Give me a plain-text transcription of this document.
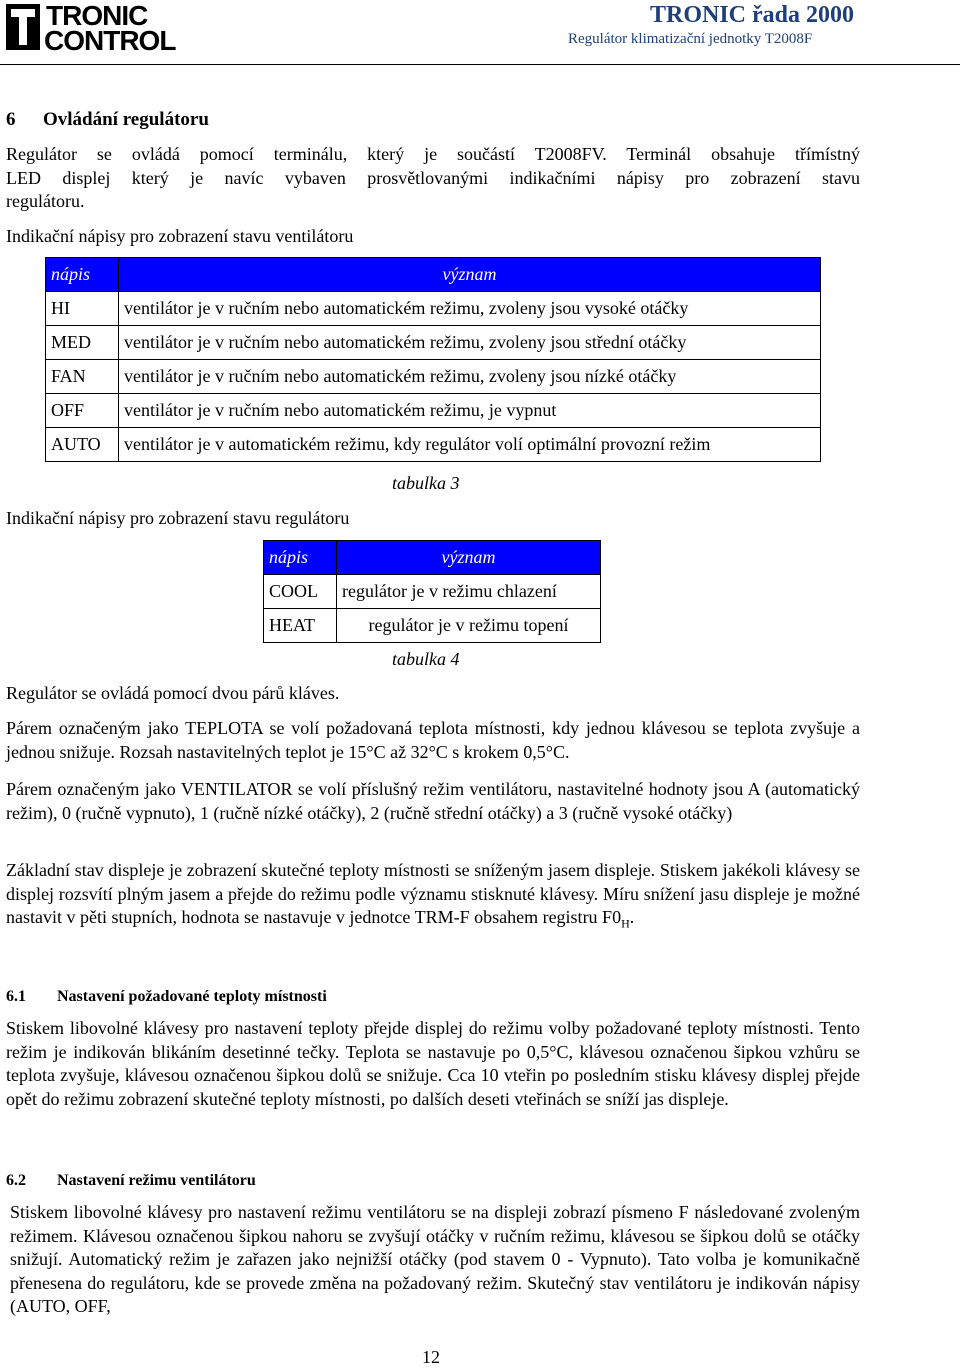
TRONIC
CONTROL
TRONIC řada 2000
Regulátor klimatizační jednotky T2008F
6 Ovládání regulátoru
Regulátor se ovládá pomocí terminálu, který je součástí T2008FV. Terminál obsahuje třímístný
LED displej který je navíc vybaven prosvětlovanými indikačními nápisy pro zobrazení stavu
regulátoru.
Indikační nápisy pro zobrazení stavu ventilátoru
nápis	význam
HI	ventilátor je v ručním nebo automatickém režimu, zvoleny jsou vysoké otáčky
MED	ventilátor je v ručním nebo automatickém režimu, zvoleny jsou střední otáčky
FAN	ventilátor je v ručním nebo automatickém režimu, zvoleny jsou nízké otáčky
OFF	ventilátor je v ručním nebo automatickém režimu, je vypnut
AUTO	ventilátor je v automatickém režimu, kdy regulátor volí optimální provozní režim
tabulka 3
Indikační nápisy pro zobrazení stavu regulátoru
nápis	význam
COOL	regulátor je v režimu chlazení
HEAT	regulátor je v režimu topení
tabulka 4
Regulátor se ovládá pomocí dvou párů kláves.
Párem označeným jako TEPLOTA se volí požadovaná teplota místnosti, kdy jednou klávesou se teplota zvyšuje a jednou snižuje. Rozsah nastavitelných teplot je 15°C až 32°C s krokem 0,5°C.
Párem označeným jako VENTILATOR se volí příslušný režim ventilátoru, nastavitelné hodnoty jsou A (automatický režim), 0 (ručně vypnuto), 1 (ručně nízké otáčky), 2 (ručně střední otáčky) a 3 (ručně vysoké otáčky)
Základní stav displeje je zobrazení skutečné teploty místnosti se sníženým jasem displeje. Stiskem jakékoli klávesy se displej rozsvítí plným jasem a přejde do režimu podle významu stisknuté klávesy. Míru snížení jasu displeje je možné nastavit v pěti stupních, hodnota se nastavuje v jednotce TRM-F obsahem registru $F0_H$.
6.1 Nastavení požadované teploty místnosti
Stiskem libovolné klávesy pro nastavení teploty přejde displej do režimu volby požadované teploty místnosti. Tento režim je indikován blikáním desetinné tečky. Teplota se nastavuje po 0,5°C, klávesou označenou šipkou vzhůru se teplota zvyšuje, klávesou označenou šipkou dolů se snižuje. Cca 10 vteřin po posledním stisku klávesy displej přejde opět do režimu zobrazení skutečné teploty místnosti, po dalších deseti vteřinách se sníží jas displeje.
6.2 Nastavení režimu ventilátoru
Stiskem libovolné klávesy pro nastavení režimu ventilátoru se na displeji zobrazí písmeno F následované zvoleným režimem. Klávesou označenou šipkou nahoru se zvyšují otáčky v ručním režimu, klávesou se šipkou dolů se otáčky snižují. Automatický režim je zařazen jako nejnižší otáčky (pod stavem 0 - Vypnuto). Tato volba je komunikačně přenesena do regulátoru, kde se provede změna na požadovaný režim. Skutečný stav ventilátoru je indikován nápisy (AUTO, OFF,
12
